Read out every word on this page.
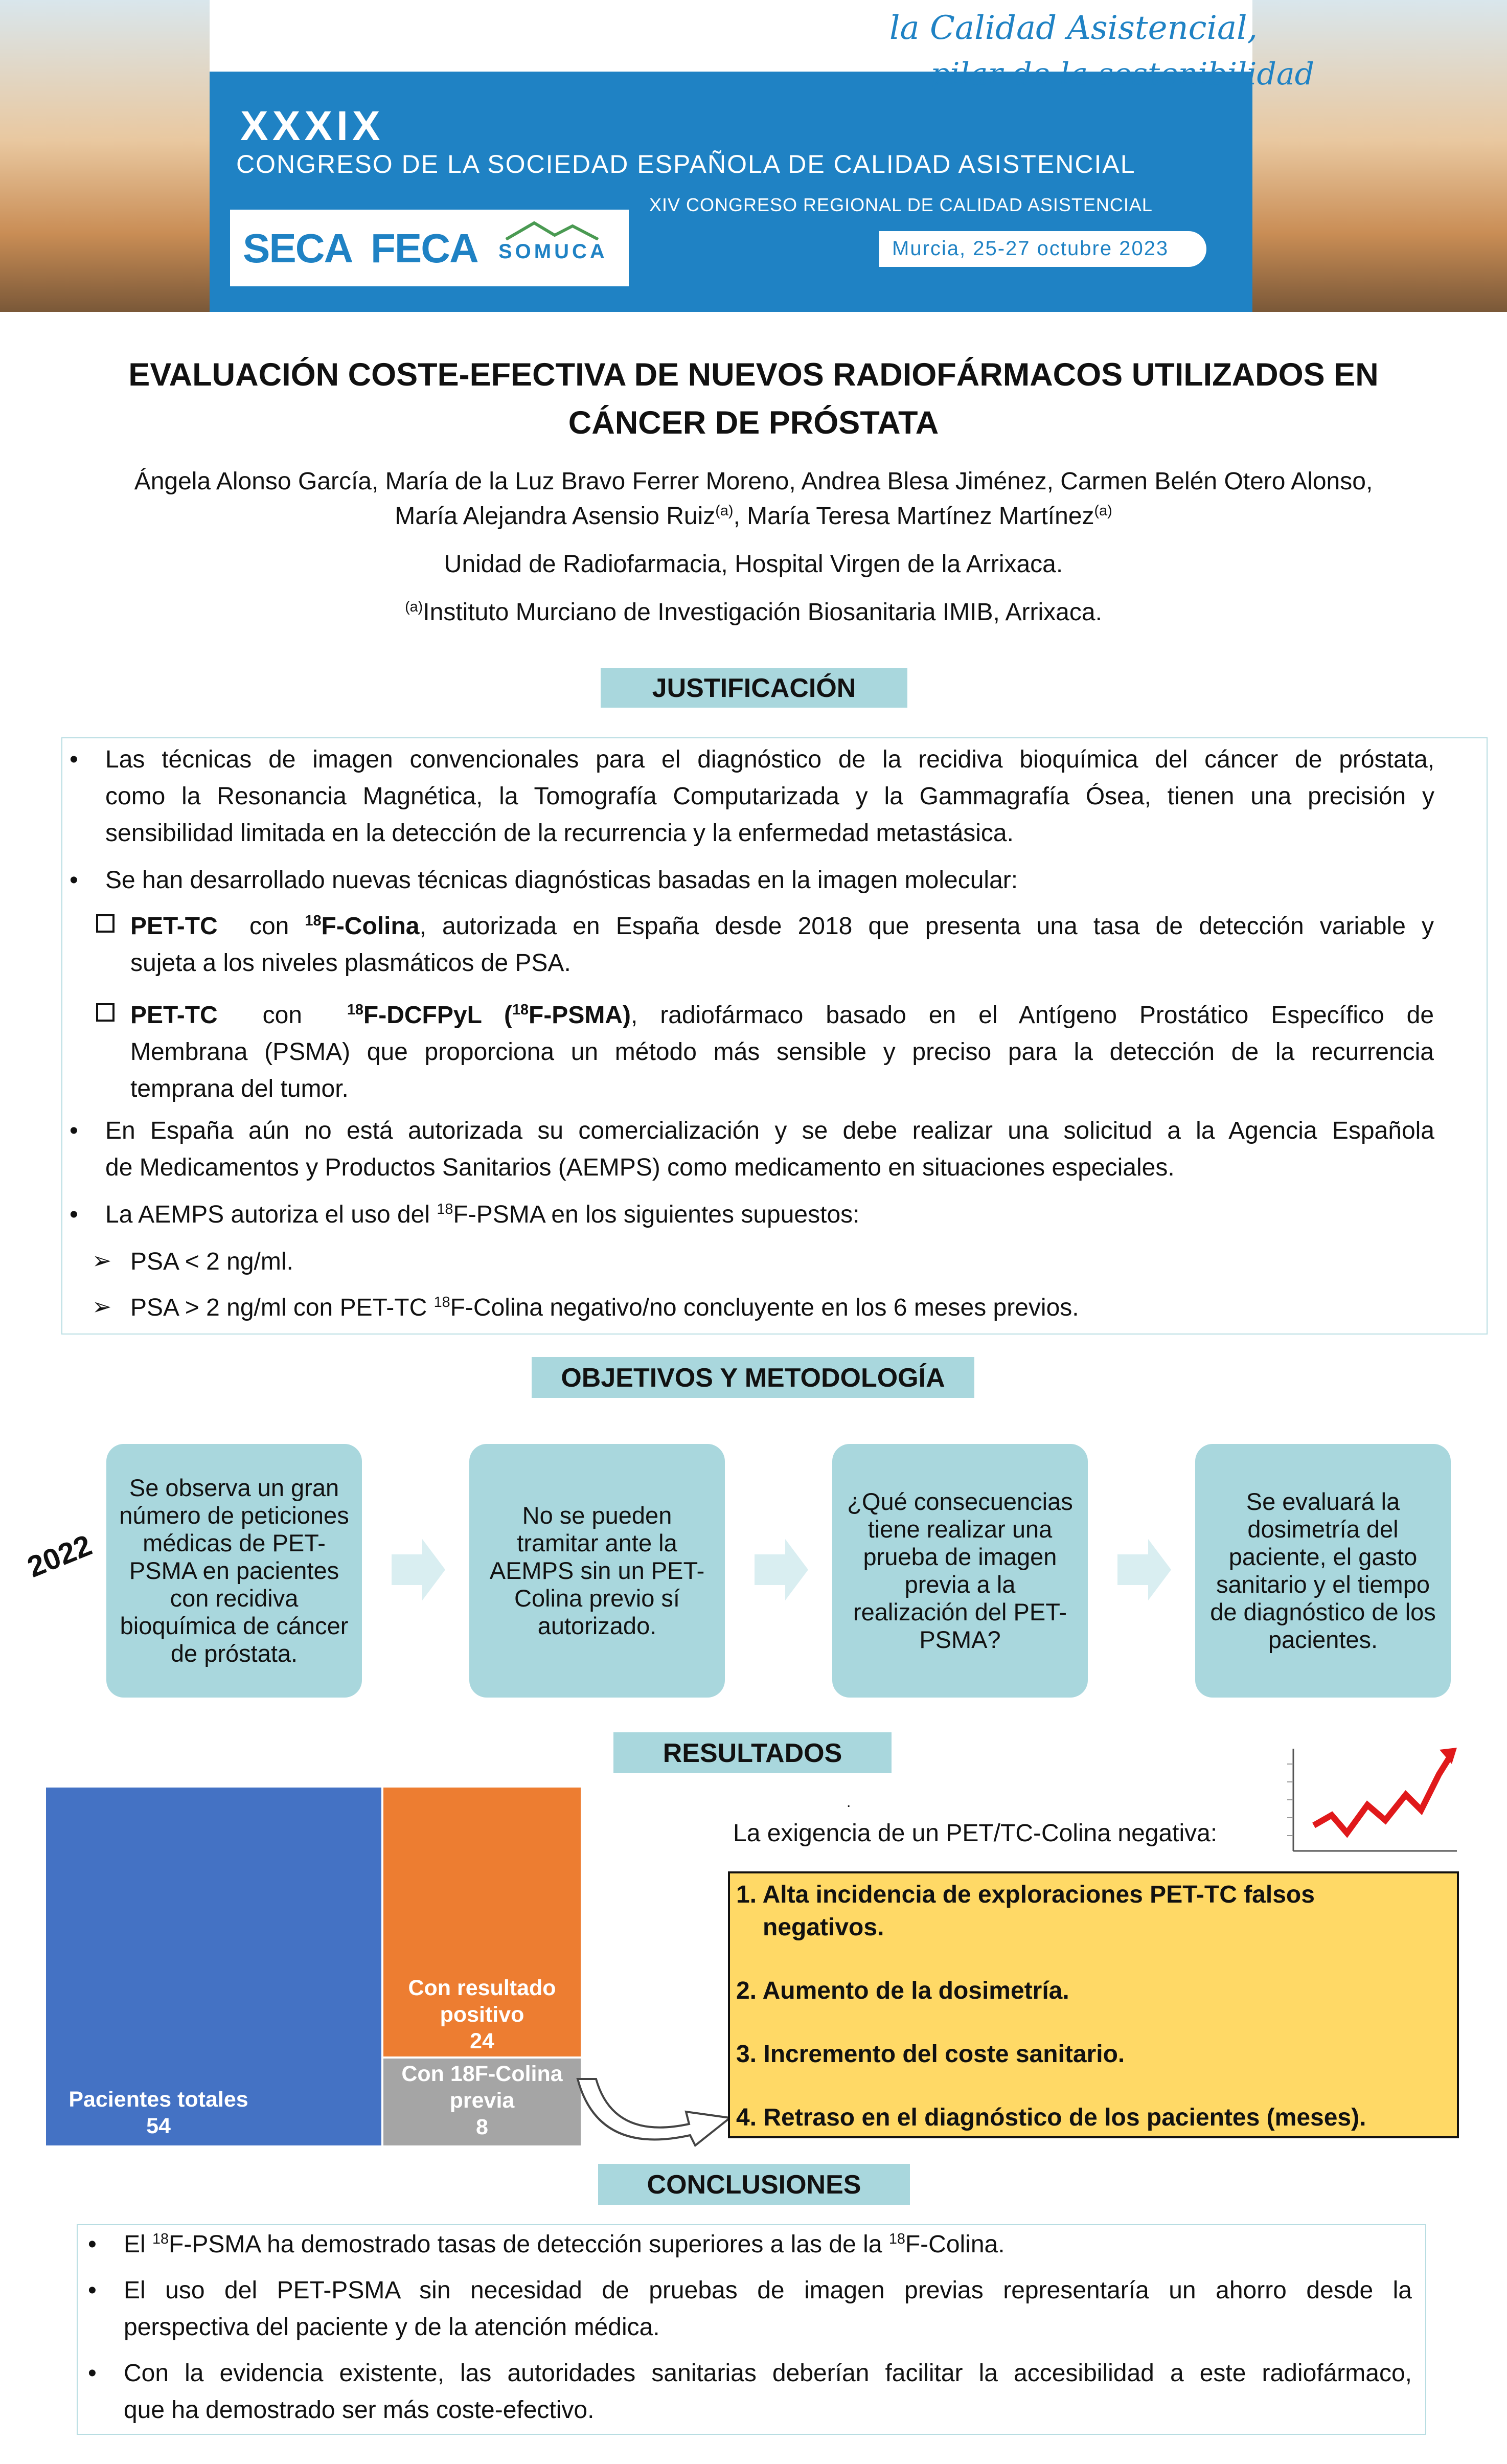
la Calidad Asistencial,
pilar de la sostenibilidad
XXXIX
CONGRESO DE LA SOCIEDAD ESPAÑOLA DE CALIDAD ASISTENCIAL
XIV CONGRESO REGIONAL DE CALIDAD ASISTENCIAL
SECA FECA SOMUCA	Murcia, 25-27 octubre 2023
EVALUACIÓN COSTE-EFECTIVA DE NUEVOS RADIOFÁRMACOS UTILIZADOS EN
CÁNCER DE PRÓSTATA
Ángela Alonso García, María de la Luz Bravo Ferrer Moreno, Andrea Blesa Jiménez, Carmen Belén Otero Alonso,
María Alejandra Asensio Ruiz$^{(a)}$, María Teresa Martínez Martínez$^{(a)}$
Unidad de Radiofarmacia, Hospital Virgen de la Arrixaca.
$^{(a)}$Instituto Murciano de Investigación Biosanitaria IMIB, Arrixaca.
JUSTIFICACIÓN
• Las técnicas de imagen convencionales para el diagnóstico de la recidiva bioquímica del cáncer de próstata,
como la Resonancia Magnética, la Tomografía Computarizada y la Gammagrafía Ósea, tienen una precisión y
sensibilidad limitada en la detección de la recurrencia y la enfermedad metastásica.
• Se han desarrollado nuevas técnicas diagnósticas basadas en la imagen molecular:
PET-TC con $^{18}$F-Colina, autorizada en España desde 2018 que presenta una tasa de detección variable y
sujeta a los niveles plasmáticos de PSA.
PET-TC con	$^{18}$F-DCFPyL ($^{18}$F-PSMA), radiofármaco basado en el Antígeno Prostático Específico de
Membrana (PSMA) que proporciona un método más sensible y preciso para la detección de la recurrencia
temprana del tumor.
• En España aún no está autorizada su comercialización y se debe realizar una solicitud a la Agencia Española
de Medicamentos y Productos Sanitarios (AEMPS) como medicamento en situaciones especiales.
• La AEMPS autoriza el uso del $^{18}$F-PSMA en los siguientes supuestos:
➢ PSA < 2 ng/ml.
➢ PSA > 2 ng/ml con PET-TC $^{18}$F-Colina negativo/no concluyente en los 6 meses previos.
OBJETIVOS Y METODOLOGÍA
2022
Se observa un gran número de peticiones médicas de PET-PSMA en pacientes con recidiva bioquímica de cáncer de próstata.
No se pueden tramitar ante la AEMPS sin un PET-Colina previo sí autorizado.
¿Qué consecuencias tiene realizar una prueba de imagen previa a la realización del PET-PSMA?
Se evaluará la dosimetría del paciente, el gasto sanitario y el tiempo de diagnóstico de los pacientes.
RESULTADOS
Pacientes totales
54
Con resultado
positivo
24
Con 18F-Colina
previa
8
.
La exigencia de un PET/TC-Colina negativa:
1. Alta incidencia de exploraciones PET-TC falsos
negativos.
2. Aumento de la dosimetría.
3. Incremento del coste sanitario.
4. Retraso en el diagnóstico de los pacientes (meses).
CONCLUSIONES
• El $^{18}$F-PSMA ha demostrado tasas de detección superiores a las de la $^{18}$F-Colina.
• El uso del PET-PSMA sin necesidad de pruebas de imagen previas representaría un ahorro desde la
perspectiva del paciente y de la atención médica.
• Con la evidencia existente, las autoridades sanitarias deberían facilitar la accesibilidad a este radiofármaco,
que ha demostrado ser más coste-efectivo.
